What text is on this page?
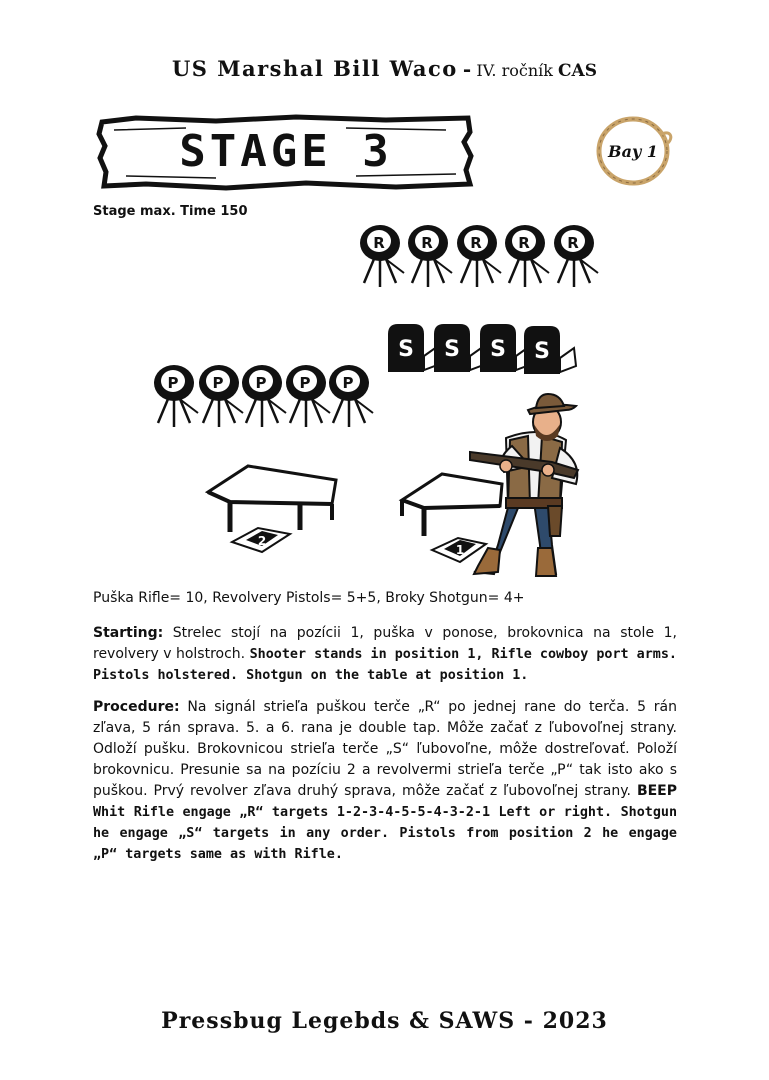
US Marshal Bill Waco - IV. ročník CAS
STAGE 3	Bay 1
Stage max. Time 150
R R R R R
S S S S
P P P P P
2
1
Puška Rifle= 10, Revolvery Pistols= 5+5, Broky Shotgun= 4+
Starting: Strelec stojí na pozícii 1, puška v ponose, brokovnica na stole 1, revolvery v holstroch. Shooter stands in position 1, Rifle cowboy port arms. Pistols holstered. Shotgun on the table at position 1.
Procedure: Na signál strieľa puškou terče „R“ po jednej rane do terča. 5 rán zľava, 5 rán sprava. 5. a 6. rana je double tap. Môže začať z ľubovoľnej strany. Odloží pušku. Brokovnicou strieľa terče „S“ ľubovoľne, môže dostreľovať. Položí brokovnicu. Presunie sa na pozíciu 2 a revolvermi strieľa terče „P“ tak isto ako s puškou. Prvý revolver zľava druhý sprava, môže začať z ľubovoľnej strany. BEEP Whit Rifle engage „R“ targets 1-2-3-4-5-5-4-3-2-1 Left or right. Shotgun he engage „S“ targets in any order. Pistols from position 2 he engage „P“ targets same as with Rifle.
Pressbug Legebds & SAWS - 2023
